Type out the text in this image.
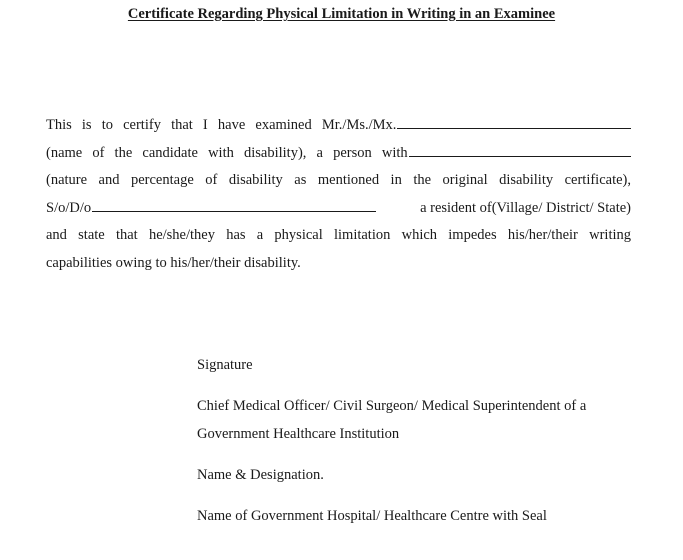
Certificate Regarding Physical Limitation in Writing in an Examinee
This is to certify that I have examined Mr./Ms./Mx.
(name of the candidate with disability), a person with
(nature and percentage of disability as mentioned in the original disability certificate),
S/o/D/o	a resident of(Village/ District/ State)
and state that he/she/they has a physical limitation which impedes his/her/their writing
capabilities owing to his/her/their disability.
Signature
Chief Medical Officer/ Civil Surgeon/ Medical Superintendent of a
Government Healthcare Institution
Name & Designation.
Name of Government Hospital/ Healthcare Centre with Seal
